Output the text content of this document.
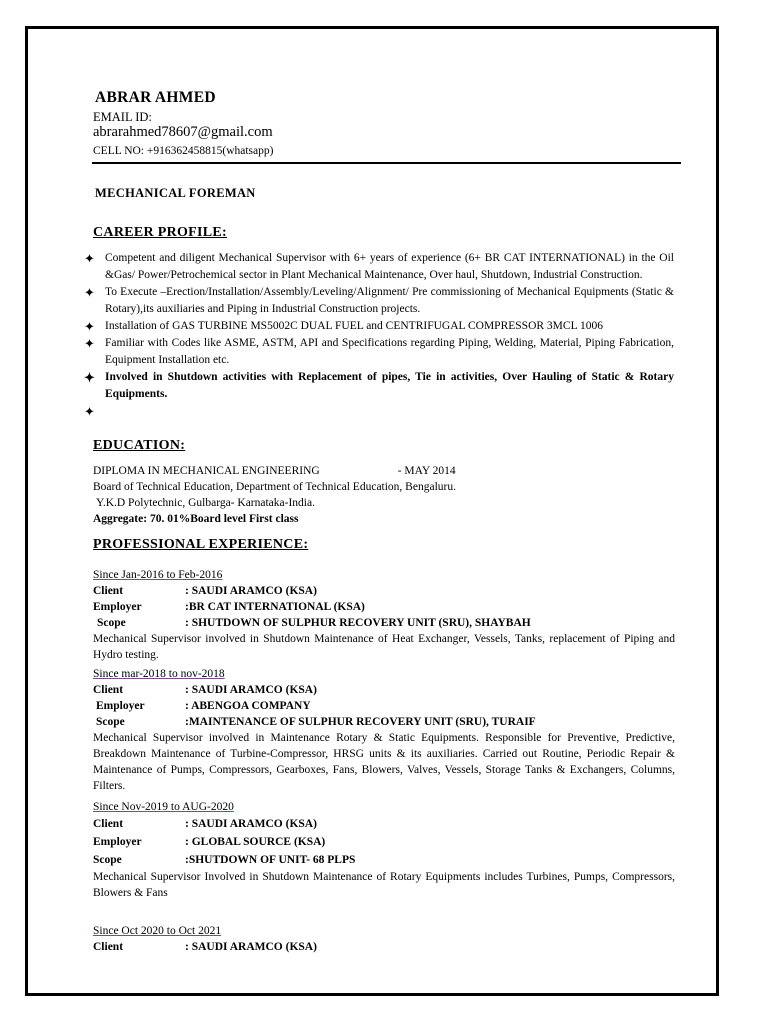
ABRAR AHMED
EMAIL ID:
abrarahmed78607@gmail.com
CELL NO: +916362458815(whatsapp)
MECHANICAL FOREMAN
CAREER PROFILE:
✦ Competent and diligent Mechanical Supervisor with 6+ years of experience (6+ BR CAT INTERNATIONAL) in the Oil &Gas/ Power/Petrochemical sector in Plant Mechanical Maintenance, Over haul, Shutdown, Industrial Construction.
✦ To Execute –Erection/Installation/Assembly/Leveling/Alignment/ Pre commissioning of Mechanical Equipments (Static & Rotary),its auxiliaries and Piping in Industrial Construction projects.
✦ Installation of GAS TURBINE MS5002C DUAL FUEL and CENTRIFUGAL COMPRESSOR 3MCL 1006
✦ Familiar with Codes like ASME, ASTM, API and Specifications regarding Piping, Welding, Material, Piping Fabrication, Equipment Installation etc.
✦ Involved in Shutdown activities with Replacement of pipes, Tie in activities, Over Hauling of Static & Rotary Equipments.
✦
EDUCATION:
DIPLOMA IN MECHANICAL ENGINEERING	- MAY 2014
Board of Technical Education, Department of Technical Education, Bengaluru.
Y.K.D Polytechnic, Gulbarga- Karnataka-India.
Aggregate: 70. 01%Board level First class
PROFESSIONAL EXPERIENCE:
Since Jan-2016 to Feb-2016
Client	: SAUDI ARAMCO (KSA)
Employer	:BR CAT INTERNATIONAL (KSA)
Scope	: SHUTDOWN OF SULPHUR RECOVERY UNIT (SRU), SHAYBAH
Mechanical Supervisor involved in Shutdown Maintenance of Heat Exchanger, Vessels, Tanks, replacement of Piping and Hydro testing.
Since mar-2018 to nov-2018
Client	: SAUDI ARAMCO (KSA)
Employer	: ABENGOA COMPANY
Scope	:MAINTENANCE OF SULPHUR RECOVERY UNIT (SRU), TURAIF
Mechanical Supervisor involved in Maintenance Rotary & Static Equipments. Responsible for Preventive, Predictive, Breakdown Maintenance of Turbine-Compressor, HRSG units & its auxiliaries. Carried out Routine, Periodic Repair & Maintenance of Pumps, Compressors, Gearboxes, Fans, Blowers, Valves, Vessels, Storage Tanks & Exchangers, Columns, Filters.
Since Nov-2019 to AUG-2020
Client	: SAUDI ARAMCO (KSA)
Employer	: GLOBAL SOURCE (KSA)
Scope	:SHUTDOWN OF UNIT- 68 PLPS
Mechanical Supervisor Involved in Shutdown Maintenance of Rotary Equipments includes Turbines, Pumps, Compressors, Blowers & Fans
Since Oct 2020 to Oct 2021
Client	: SAUDI ARAMCO (KSA)
